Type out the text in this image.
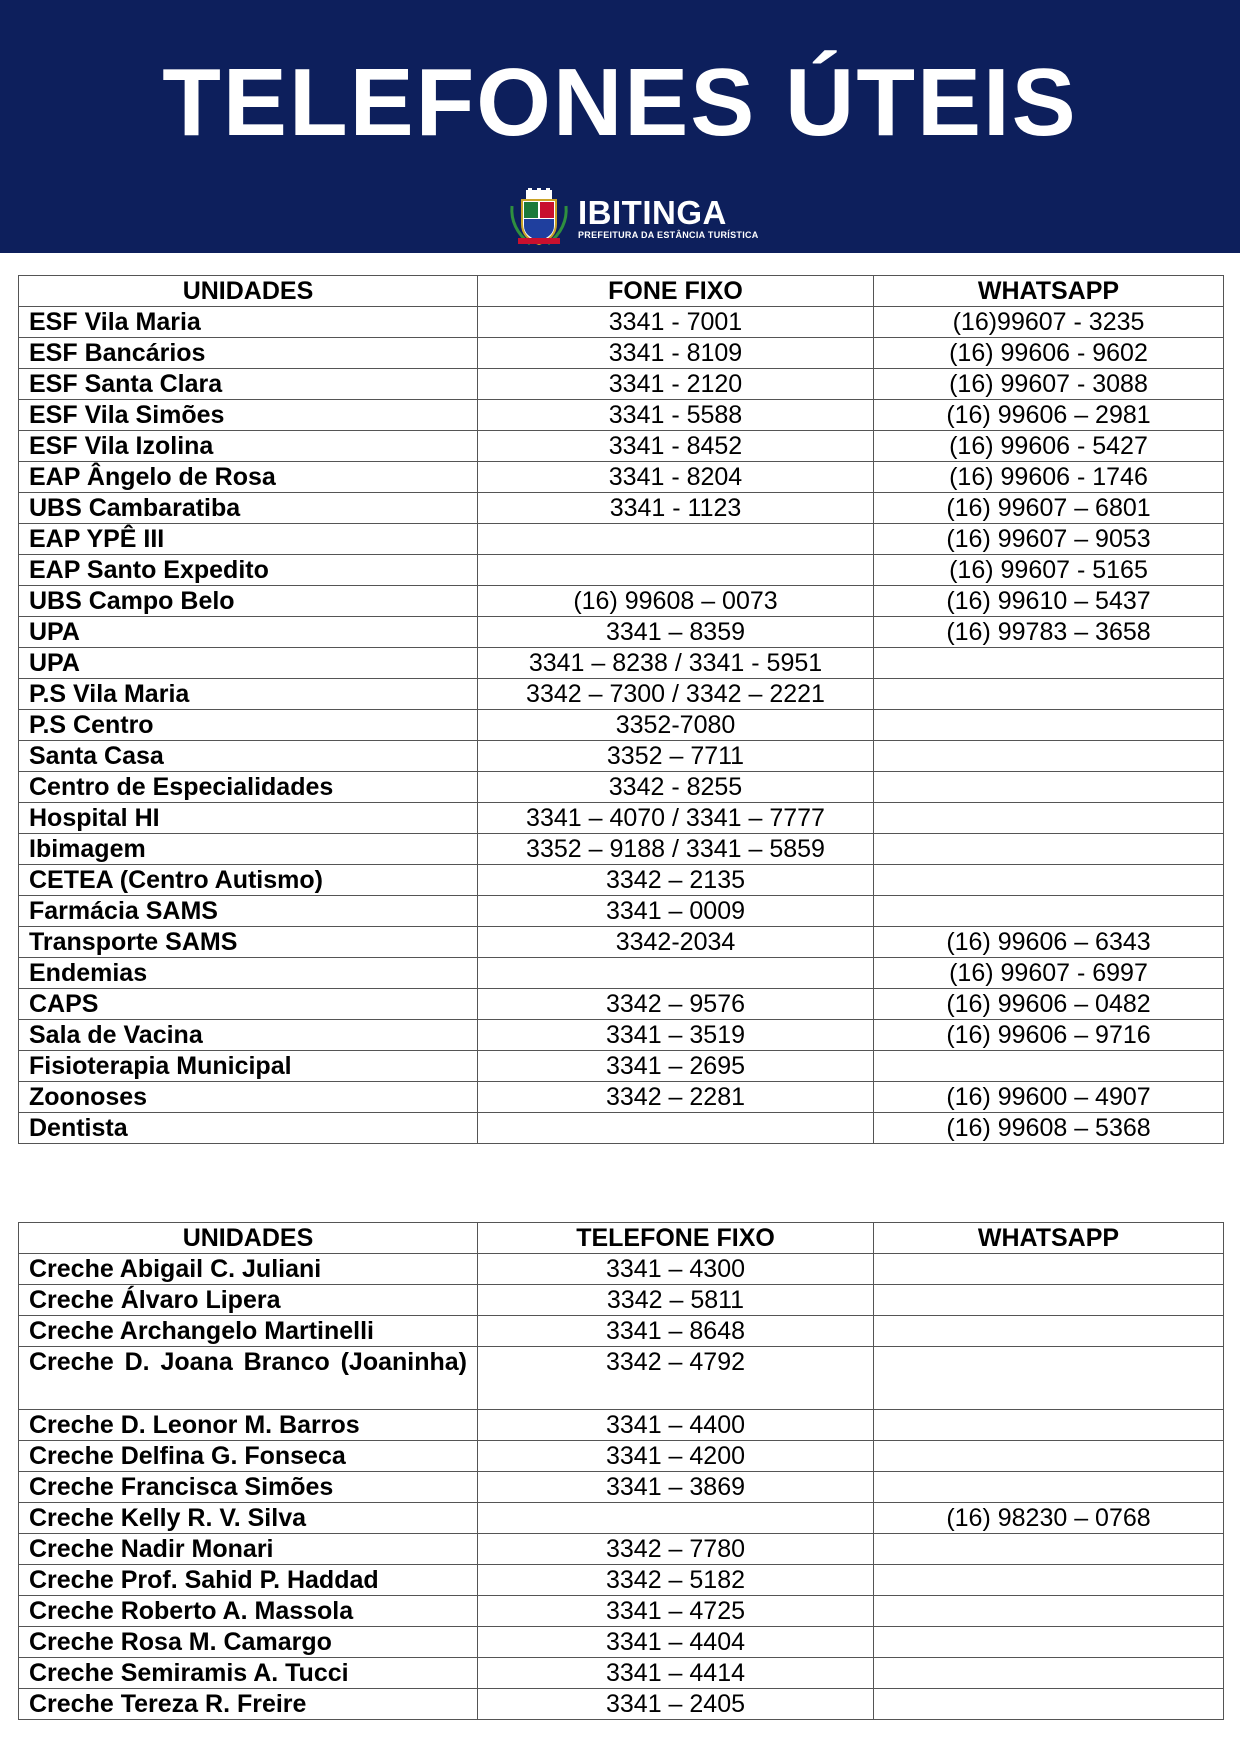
TELEFONES ÚTEIS
IBITINGA
PREFEITURA DA ESTÂNCIA TURÍSTICA
UNIDADES	FONE FIXO	WHATSAPP
ESF Vila Maria	3341 - 7001	(16)99607 - 3235
ESF Bancários	3341 - 8109	(16) 99606 - 9602
ESF Santa Clara	3341 - 2120	(16) 99607 - 3088
ESF Vila Simões	3341 - 5588	(16) 99606 – 2981
ESF Vila Izolina	3341 - 8452	(16) 99606 - 5427
EAP Ângelo de Rosa	3341 - 8204	(16) 99606 - 1746
UBS Cambaratiba	3341 - 1123	(16) 99607 – 6801
EAP YPÊ III		(16) 99607 – 9053
EAP Santo Expedito		(16) 99607 - 5165
UBS Campo Belo	(16) 99608 – 0073	(16) 99610 – 5437
UPA	3341 – 8359	(16) 99783 – 3658
UPA	3341 – 8238 / 3341 - 5951	
P.S Vila Maria	3342 – 7300 / 3342 – 2221	
P.S Centro	3352-7080	
Santa Casa	3352 – 7711	
Centro de Especialidades	3342 - 8255	
Hospital HI	3341 – 4070 / 3341 – 7777	
Ibimagem	3352 – 9188 / 3341 – 5859	
CETEA (Centro Autismo)	3342 – 2135	
Farmácia SAMS	3341 – 0009	
Transporte SAMS	3342-2034	(16) 99606 – 6343
Endemias		(16) 99607 - 6997
CAPS	3342 – 9576	(16) 99606 – 0482
Sala de Vacina	3341 – 3519	(16) 99606 – 9716
Fisioterapia Municipal	3341 – 2695	
Zoonoses	3342 – 2281	(16) 99600 – 4907
Dentista		(16) 99608 – 5368
UNIDADES	TELEFONE FIXO	WHATSAPP
Creche Abigail C. Juliani	3341 – 4300	
Creche Álvaro Lipera	3342 – 5811	
Creche Archangelo Martinelli	3341 – 8648	
Creche D. Joana Branco (Joaninha)	3342 – 4792	
Creche D. Leonor M. Barros	3341 – 4400	
Creche Delfina G. Fonseca	3341 – 4200	
Creche Francisca Simões	3341 – 3869	
Creche Kelly R. V. Silva		(16) 98230 – 0768
Creche Nadir Monari	3342 – 7780	
Creche Prof. Sahid P. Haddad	3342 – 5182	
Creche Roberto A. Massola	3341 – 4725	
Creche Rosa M. Camargo	3341 – 4404	
Creche Semiramis A. Tucci	3341 – 4414	
Creche Tereza R. Freire	3341 – 2405	
